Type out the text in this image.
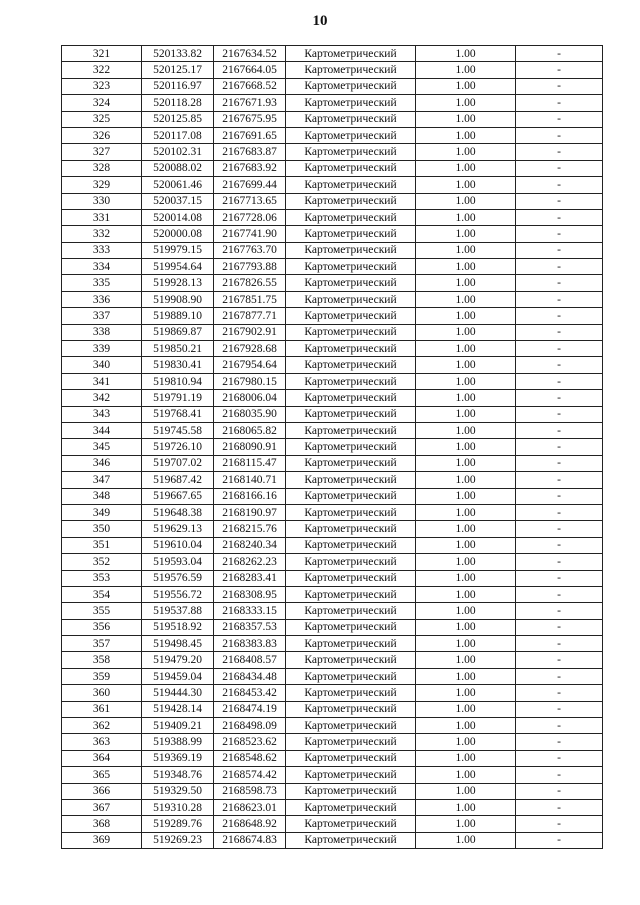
10
321	520133.82	2167634.52	Картометрический	1.00	-
322	520125.17	2167664.05	Картометрический	1.00	-
323	520116.97	2167668.52	Картометрический	1.00	-
324	520118.28	2167671.93	Картометрический	1.00	-
325	520125.85	2167675.95	Картометрический	1.00	-
326	520117.08	2167691.65	Картометрический	1.00	-
327	520102.31	2167683.87	Картометрический	1.00	-
328	520088.02	2167683.92	Картометрический	1.00	-
329	520061.46	2167699.44	Картометрический	1.00	-
330	520037.15	2167713.65	Картометрический	1.00	-
331	520014.08	2167728.06	Картометрический	1.00	-
332	520000.08	2167741.90	Картометрический	1.00	-
333	519979.15	2167763.70	Картометрический	1.00	-
334	519954.64	2167793.88	Картометрический	1.00	-
335	519928.13	2167826.55	Картометрический	1.00	-
336	519908.90	2167851.75	Картометрический	1.00	-
337	519889.10	2167877.71	Картометрический	1.00	-
338	519869.87	2167902.91	Картометрический	1.00	-
339	519850.21	2167928.68	Картометрический	1.00	-
340	519830.41	2167954.64	Картометрический	1.00	-
341	519810.94	2167980.15	Картометрический	1.00	-
342	519791.19	2168006.04	Картометрический	1.00	-
343	519768.41	2168035.90	Картометрический	1.00	-
344	519745.58	2168065.82	Картометрический	1.00	-
345	519726.10	2168090.91	Картометрический	1.00	-
346	519707.02	2168115.47	Картометрический	1.00	-
347	519687.42	2168140.71	Картометрический	1.00	-
348	519667.65	2168166.16	Картометрический	1.00	-
349	519648.38	2168190.97	Картометрический	1.00	-
350	519629.13	2168215.76	Картометрический	1.00	-
351	519610.04	2168240.34	Картометрический	1.00	-
352	519593.04	2168262.23	Картометрический	1.00	-
353	519576.59	2168283.41	Картометрический	1.00	-
354	519556.72	2168308.95	Картометрический	1.00	-
355	519537.88	2168333.15	Картометрический	1.00	-
356	519518.92	2168357.53	Картометрический	1.00	-
357	519498.45	2168383.83	Картометрический	1.00	-
358	519479.20	2168408.57	Картометрический	1.00	-
359	519459.04	2168434.48	Картометрический	1.00	-
360	519444.30	2168453.42	Картометрический	1.00	-
361	519428.14	2168474.19	Картометрический	1.00	-
362	519409.21	2168498.09	Картометрический	1.00	-
363	519388.99	2168523.62	Картометрический	1.00	-
364	519369.19	2168548.62	Картометрический	1.00	-
365	519348.76	2168574.42	Картометрический	1.00	-
366	519329.50	2168598.73	Картометрический	1.00	-
367	519310.28	2168623.01	Картометрический	1.00	-
368	519289.76	2168648.92	Картометрический	1.00	-
369	519269.23	2168674.83	Картометрический	1.00	-
